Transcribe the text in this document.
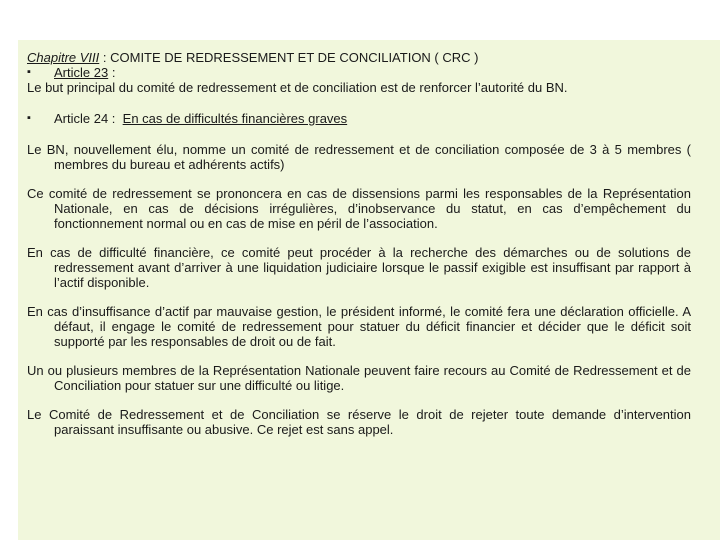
Chapitre VIII : COMITE DE REDRESSEMENT ET DE CONCILIATION ( CRC )

▪ Article 23 :

Le but principal du comité de redressement et de conciliation est de renforcer l’autorité du BN.

▪ Article 24 : En cas de difficultés financières graves

Le BN, nouvellement élu, nomme un comité de redressement et de conciliation composée de 3 à 5 membres ( membres du bureau et adhérents actifs)

Ce comité de redressement se prononcera en cas de dissensions parmi les responsables de la Représentation Nationale, en cas de décisions irrégulières, d’inobservance du statut, en cas d’empêchement du fonctionnement normal ou en cas de mise en péril de l’association.

En cas de difficulté financière, ce comité peut procéder à la recherche des démarches ou de solutions de redressement avant d’arriver à une liquidation judiciaire lorsque le passif exigible est insuffisant par rapport à l’actif disponible.

En cas d’insuffisance d’actif par mauvaise gestion, le président informé, le comité fera une déclaration officielle. A défaut, il engage le comité de redressement pour statuer du déficit financier et décider que le déficit soit supporté par les responsables de droit ou de fait.

Un ou plusieurs membres de la Représentation Nationale peuvent faire recours au Comité de Redressement et de Conciliation pour statuer sur une difficulté ou litige.

Le Comité de Redressement et de Conciliation se réserve le droit de rejeter toute demande d’intervention paraissant insuffisante ou abusive. Ce rejet est sans appel.
